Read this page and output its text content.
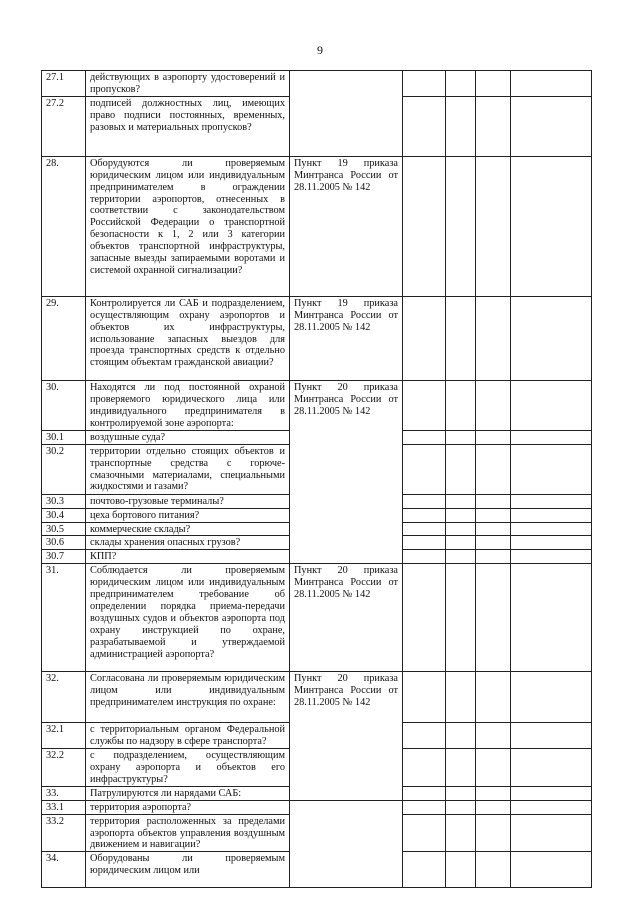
9
27.1	действующих в аэропорту удостоверений и пропусков?					
27.2	подписей должностных лиц, имеющих право подписи постоянных, временных, разовых и материальных пропусков?					
28.	Оборудуются ли проверяемым юридическим лицом или индивидуальным предпринимателем в ограждении территории аэропортов, отнесенных в соответствии с законодательством Российской Федерации о транспортной безопасности к 1, 2 или 3 категории объектов транспортной инфраструктуры, запасные выезды запираемыми воротами и системой охранной сигнализации?	Пункт 19 приказа Минтранса России от 28.11.2005 № 142				
29.	Контролируется ли САБ и подразделением, осуществляющим охрану аэропортов и объектов их инфраструктуры, использование запасных выездов для проезда транспортных средств к отдельно стоящим объектам гражданской авиации?	Пункт 19 приказа Минтранса России от 28.11.2005 № 142				
30.	Находятся ли под постоянной охраной проверяемого юридического лица или индивидуального предпринимателя в контролируемой зоне аэропорта:	Пункт 20 приказа Минтранса России от 28.11.2005 № 142				
30.1	воздушные суда?					
30.2	территории отдельно стоящих объектов и транспортные средства с горюче-смазочными материалами, специальными жидкостями и газами?					
30.3	почтово-грузовые терминалы?					
30.4	цеха бортового питания?					
30.5	коммерческие склады?					
30.6	склады хранения опасных грузов?					
30.7	КПП?					
31.	Соблюдается ли проверяемым юридическим лицом или индивидуальным предпринимателем требование об определении порядка приема-передачи воздушных судов и объектов аэропорта под охрану инструкцией по охране, разрабатываемой и утверждаемой администрацией аэропорта?	Пункт 20 приказа Минтранса России от 28.11.2005 № 142				
32.	Согласована ли проверяемым юридическим лицом или индивидуальным предпринимателем инструкция по охране:	Пункт 20 приказа Минтранса России от 28.11.2005 № 142				
32.1	с территориальным органом Федеральной службы по надзору в сфере транспорта?					
32.2	с подразделением, осуществляющим охрану аэропорта и объектов его инфраструктуры?					
33.	Патрулируются ли нарядами САБ:					
33.1	территория аэропорта?					
33.2	территория расположенных за пределами аэропорта объектов управления воздушным движением и навигации?					
34.	Оборудованы ли проверяемым юридическим лицом или					
